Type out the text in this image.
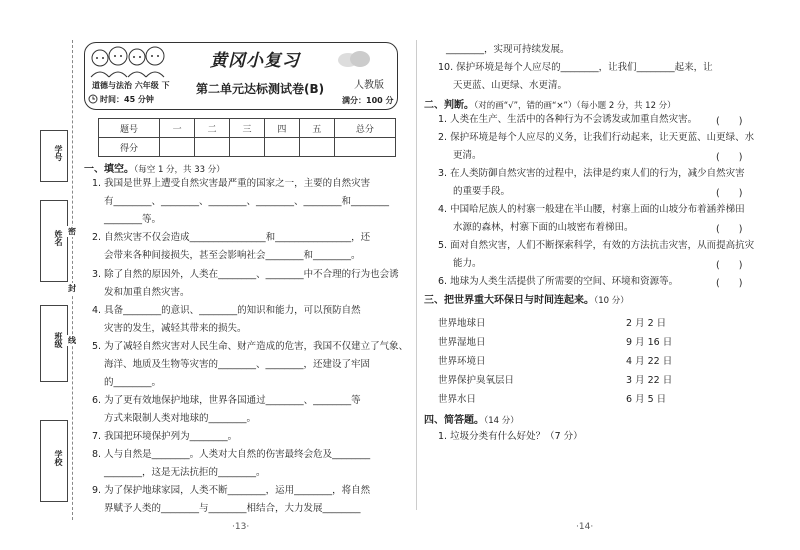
学号
姓名
班级
学校
密
封
线
黄冈小复习
道德与法治 六年级 下
时间：45 分钟
第二单元达标测试卷(B)	人教版
满分：100 分
题号	一	二	三	四	五	总分
得分						
一、填空。（每空 1 分，共 33 分）
1. 我国是世界上遭受自然灾害最严重的国家之一，主要的自然灾害
有________、________、________、________、________和________
________等。
2. 自然灾害不仅会造成________________和________________，还
会带来各种间接损失，甚至会影响社会________和________。
3. 除了自然的原因外，人类在________、________中不合理的行为也会诱
发和加重自然灾害。
4. 具备________的意识、________的知识和能力，可以预防自然
灾害的发生，减轻其带来的损失。
5. 为了减轻自然灾害对人民生命、财产造成的危害，我国不仅建立了气象、
海洋、地质及生物等灾害的________、________，还建设了牢固
的________。
6. 为了更有效地保护地球，世界各国通过________、________等
方式来限制人类对地球的________。
7. 我国把环境保护列为________。
8. 人与自然是________。人类对大自然的伤害最终会危及________
________，这是无法抗拒的________。
9. 为了保护地球家园，人类不断________，运用________，将自然
界赋予人类的________与________相结合，大力发展________
________，实现可持续发展。
10. 保护环境是每个人应尽的________，让我们________起来，让
天更蓝、山更绿、水更清。
二、判断。（对的画“√”，错的画“×”）（每小题 2 分，共 12 分）
1. 人类在生产、生活中的各种行为不会诱发或加重自然灾害。 (　　)
2. 保护环境是每个人应尽的义务，让我们行动起来，让天更蓝、山更绿、水
更清。	(　　)
3. 在人类防御自然灾害的过程中，法律是约束人们的行为，减少自然灾害
的重要手段。	(　　)
4. 中国哈尼族人的村寨一般建在半山腰，村寨上面的山坡分布着涵养梯田
水源的森林，村寨下面的山坡密布着梯田。	(　　)
5. 面对自然灾害，人们不断探索科学，有效的方法抗击灾害，从而提高抗灾
能力。	(　　)
6. 地球为人类生活提供了所需要的空间、环境和资源等。	(　　)
三、把世界重大环保日与时间连起来。（10 分）
世界地球日	2 月 2 日
世界湿地日	9 月 16 日
世界环境日	4 月 22 日
世界保护臭氧层日	3 月 22 日
世界水日	6 月 5 日
四、简答题。（14 分）
1. 垃圾分类有什么好处？（7 分）
·13·	·14·
